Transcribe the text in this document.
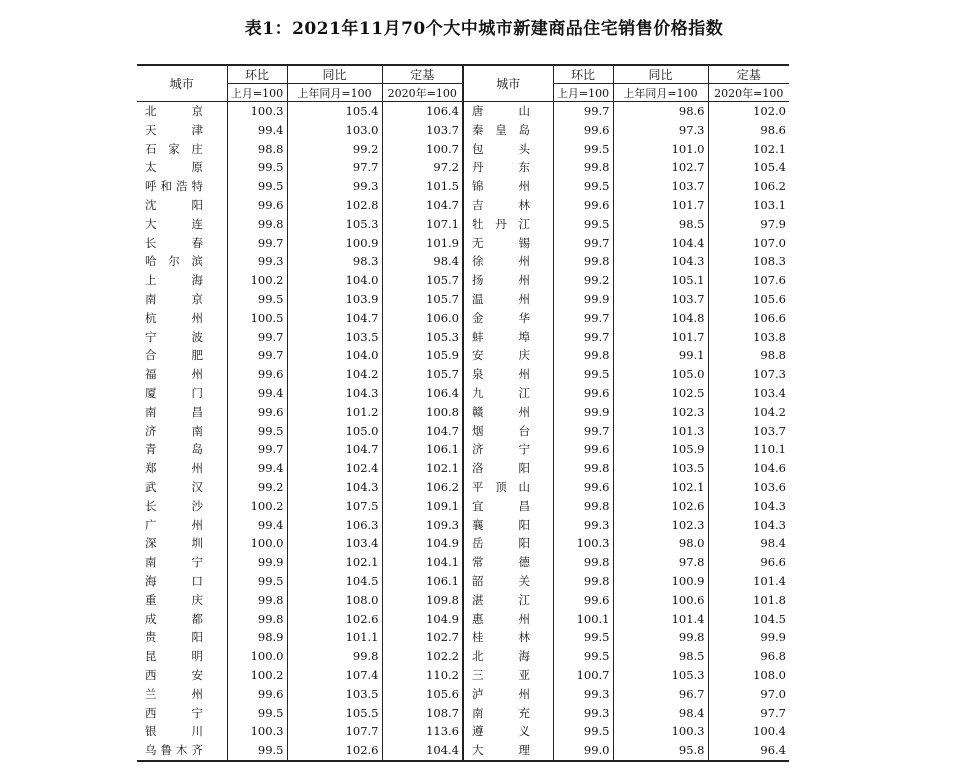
表1：2021年11月70个大中城市新建商品住宅销售价格指数
城市	环比	同比	定基	城市	环比	同比	定基
	上月=100	上年同月=100	2020年=100		上月=100	上年同月=100	2020年=100
北京	100.3	105.4	106.4	唐山	99.7	98.6	102.0
天津	99.4	103.0	103.7	秦皇岛	99.6	97.3	98.6
石家庄	98.8	99.2	100.7	包头	99.5	101.0	102.1
太原	99.5	97.7	97.2	丹东	99.8	102.7	105.4
呼和浩特	99.5	99.3	101.5	锦州	99.5	103.7	106.2
沈阳	99.6	102.8	104.7	吉林	99.6	101.7	103.1
大连	99.8	105.3	107.1	牡丹江	99.5	98.5	97.9
长春	99.7	100.9	101.9	无锡	99.7	104.4	107.0
哈尔滨	99.3	98.3	98.4	徐州	99.8	104.3	108.3
上海	100.2	104.0	105.7	扬州	99.2	105.1	107.6
南京	99.5	103.9	105.7	温州	99.9	103.7	105.6
杭州	100.5	104.7	106.0	金华	99.7	104.8	106.6
宁波	99.7	103.5	105.3	蚌埠	99.7	101.7	103.8
合肥	99.7	104.0	105.9	安庆	99.8	99.1	98.8
福州	99.6	104.2	105.7	泉州	99.5	105.0	107.3
厦门	99.4	104.3	106.4	九江	99.6	102.5	103.4
南昌	99.6	101.2	100.8	赣州	99.9	102.3	104.2
济南	99.5	105.0	104.7	烟台	99.7	101.3	103.7
青岛	99.7	104.7	106.1	济宁	99.6	105.9	110.1
郑州	99.4	102.4	102.1	洛阳	99.8	103.5	104.6
武汉	99.2	104.3	106.2	平顶山	99.6	102.1	103.6
长沙	100.2	107.5	109.1	宜昌	99.8	102.6	104.3
广州	99.4	106.3	109.3	襄阳	99.3	102.3	104.3
深圳	100.0	103.4	104.9	岳阳	100.3	98.0	98.4
南宁	99.9	102.1	104.1	常德	99.8	97.8	96.6
海口	99.5	104.5	106.1	韶关	99.8	100.9	101.4
重庆	99.8	108.0	109.8	湛江	99.6	100.6	101.8
成都	99.8	102.6	104.9	惠州	100.1	101.4	104.5
贵阳	98.9	101.1	102.7	桂林	99.5	99.8	99.9
昆明	100.0	99.8	102.2	北海	99.5	98.5	96.8
西安	100.2	107.4	110.2	三亚	100.7	105.3	108.0
兰州	99.6	103.5	105.6	泸州	99.3	96.7	97.0
西宁	99.5	105.5	108.7	南充	99.3	98.4	97.7
银川	100.3	107.7	113.6	遵义	99.5	100.3	100.4
乌鲁木齐	99.5	102.6	104.4	大理	99.0	95.8	96.4
